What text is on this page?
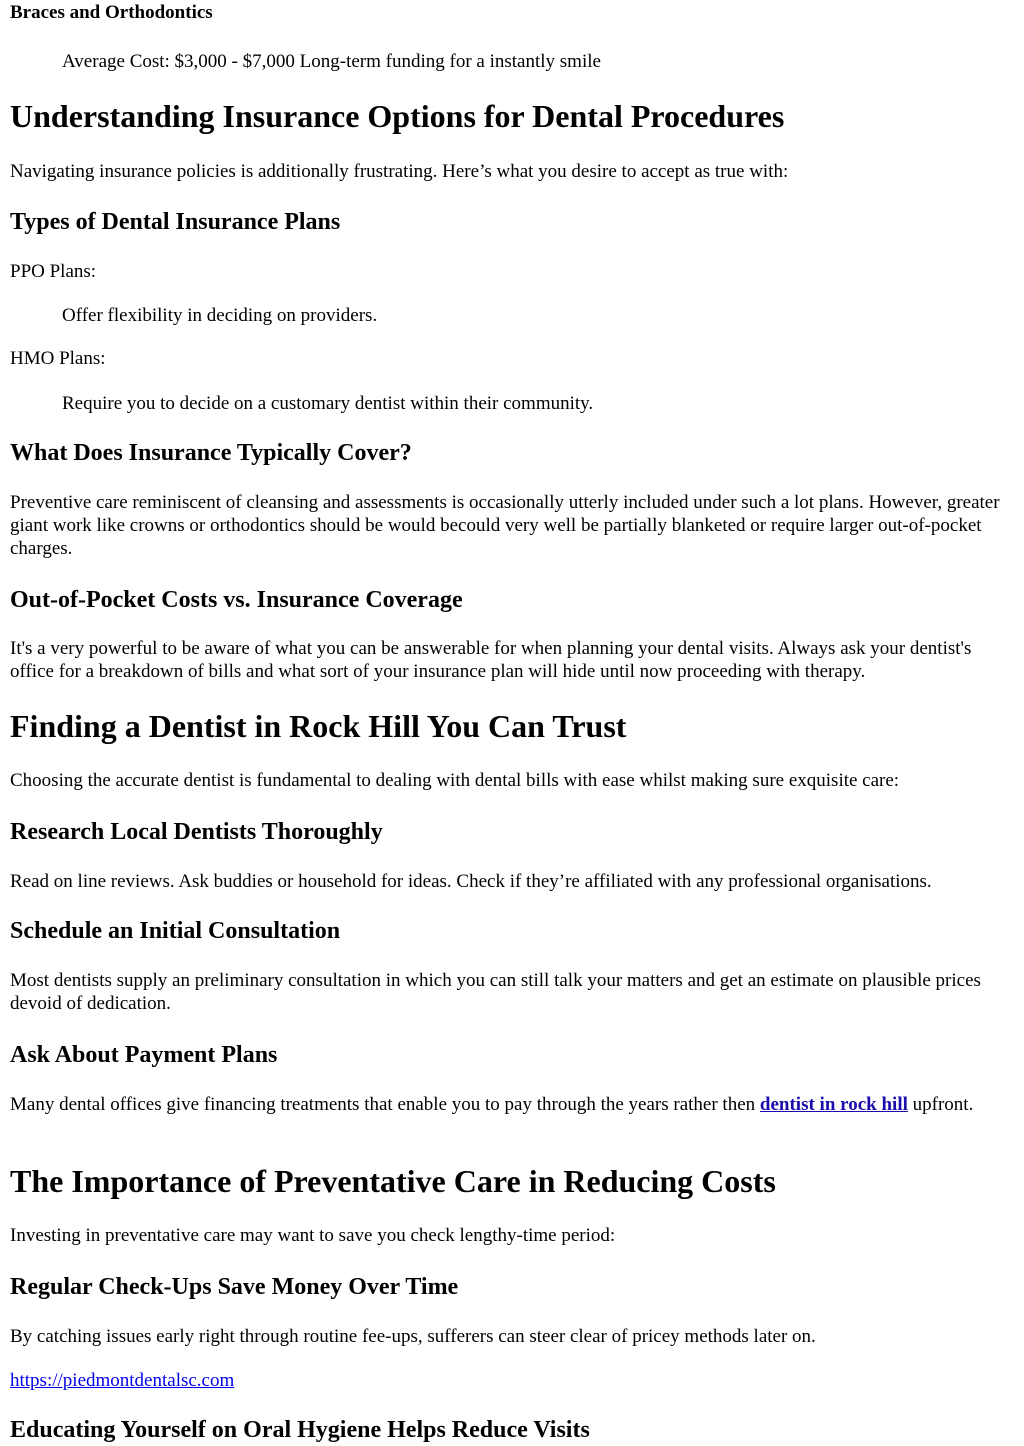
Braces and Orthodontics

Average Cost: $3,000 - $7,000 Long-term funding for a instantly smile

Understanding Insurance Options for Dental Procedures

Navigating insurance policies is additionally frustrating. Here’s what you desire to accept as true with:

Types of Dental Insurance Plans

PPO Plans:

Offer flexibility in deciding on providers.

HMO Plans:

Require you to decide on a customary dentist within their community.

What Does Insurance Typically Cover?

Preventive care reminiscent of cleansing and assessments is occasionally utterly included under such a lot plans. However, greater giant work like crowns or orthodontics should be would becould very well be partially blanketed or require larger out-of-pocket charges.

Out-of-Pocket Costs vs. Insurance Coverage

It's a very powerful to be aware of what you can be answerable for when planning your dental visits. Always ask your dentist's office for a breakdown of bills and what sort of your insurance plan will hide until now proceeding with therapy.

Finding a Dentist in Rock Hill You Can Trust

Choosing the accurate dentist is fundamental to dealing with dental bills with ease whilst making sure exquisite care:

Research Local Dentists Thoroughly

Read on line reviews. Ask buddies or household for ideas. Check if they’re affiliated with any professional organisations.

Schedule an Initial Consultation

Most dentists supply an preliminary consultation in which you can still talk your matters and get an estimate on plausible prices devoid of dedication.

Ask About Payment Plans

Many dental offices give financing treatments that enable you to pay through the years rather then dentist in rock hill upfront.

The Importance of Preventative Care in Reducing Costs

Investing in preventative care may want to save you check lengthy-time period:

Regular Check-Ups Save Money Over Time

By catching issues early right through routine fee-ups, sufferers can steer clear of pricey methods later on.

https://piedmontdentalsc.com

Educating Yourself on Oral Hygiene Helps Reduce Visits
